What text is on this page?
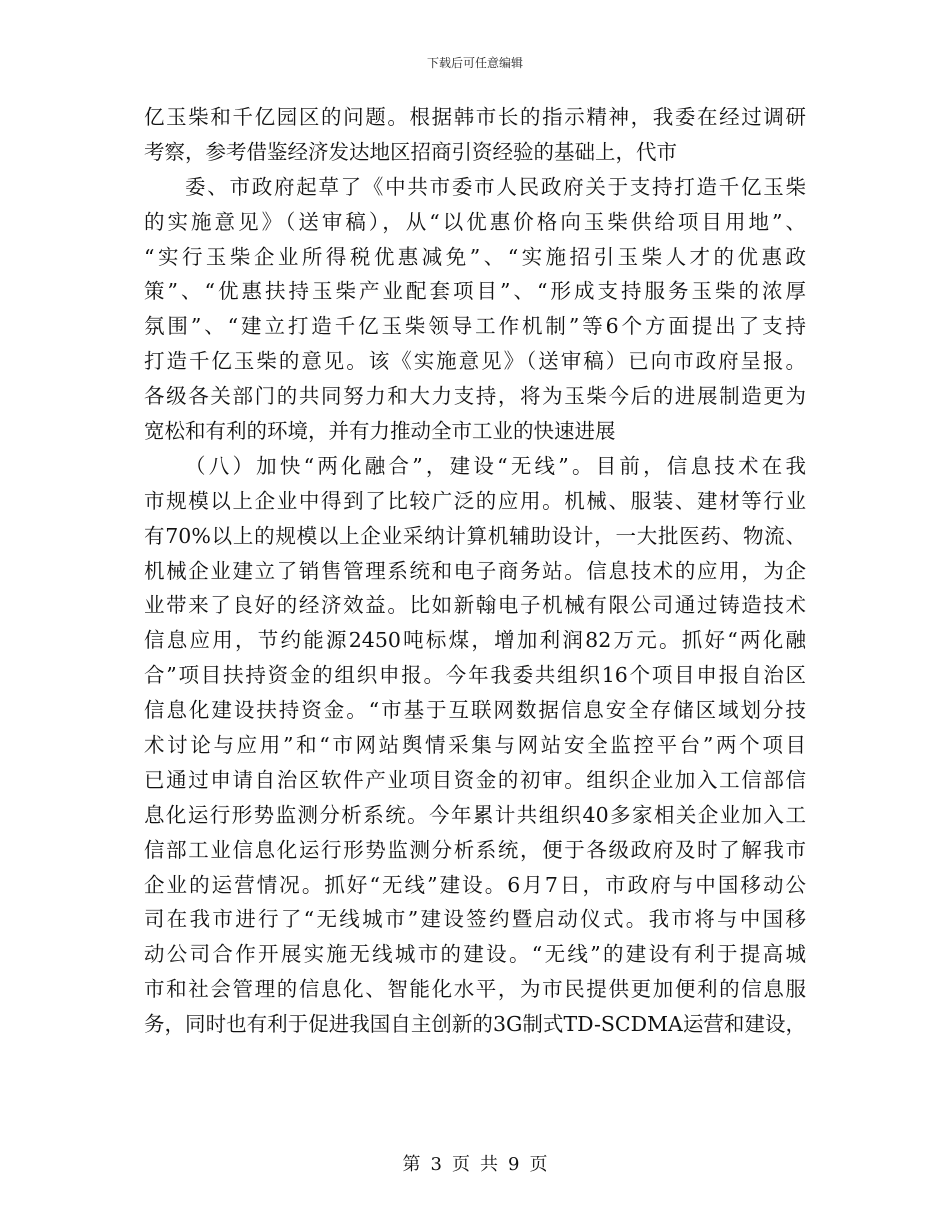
下载后可任意编辑
亿玉柴和千亿园区的问题。根据韩市长的指示精神，我委在经过调研
考察，参考借鉴经济发达地区招商引资经验的基础上，代市
委、市政府起草了《中共市委市人民政府关于支持打造千亿玉柴
的实施意见》（送审稿），从“以优惠价格向玉柴供给项目用地”、
“实行玉柴企业所得税优惠减免”、“实施招引玉柴人才的优惠政
策”、“优惠扶持玉柴产业配套项目”、“形成支持服务玉柴的浓厚
氛围”、“建立打造千亿玉柴领导工作机制”等6个方面提出了支持
打造千亿玉柴的意见。该《实施意见》（送审稿）已向市政府呈报。
各级各关部门的共同努力和大力支持，将为玉柴今后的进展制造更为
宽松和有利的环境，并有力推动全市工业的快速进展
（八）加快“两化融合”，建设“无线”。目前，信息技术在我
市规模以上企业中得到了比较广泛的应用。机械、服装、建材等行业
有70%以上的规模以上企业采纳计算机辅助设计，一大批医药、物流、
机械企业建立了销售管理系统和电子商务站。信息技术的应用，为企
业带来了良好的经济效益。比如新翰电子机械有限公司通过铸造技术
信息应用，节约能源2450吨标煤，增加利润82万元。抓好“两化融
合”项目扶持资金的组织申报。今年我委共组织16个项目申报自治区
信息化建设扶持资金。“市基于互联网数据信息安全存储区域划分技
术讨论与应用”和“市网站舆情采集与网站安全监控平台”两个项目
已通过申请自治区软件产业项目资金的初审。组织企业加入工信部信
息化运行形势监测分析系统。今年累计共组织40多家相关企业加入工
信部工业信息化运行形势监测分析系统，便于各级政府及时了解我市
企业的运营情况。抓好“无线”建设。6月7日，市政府与中国移动公
司在我市进行了“无线城市”建设签约暨启动仪式。我市将与中国移
动公司合作开展实施无线城市的建设。“无线”的建设有利于提高城
市和社会管理的信息化、智能化水平，为市民提供更加便利的信息服
务，同时也有利于促进我国自主创新的3G制式TD-SCDMA运营和建设，
第 3 页 共 9 页
